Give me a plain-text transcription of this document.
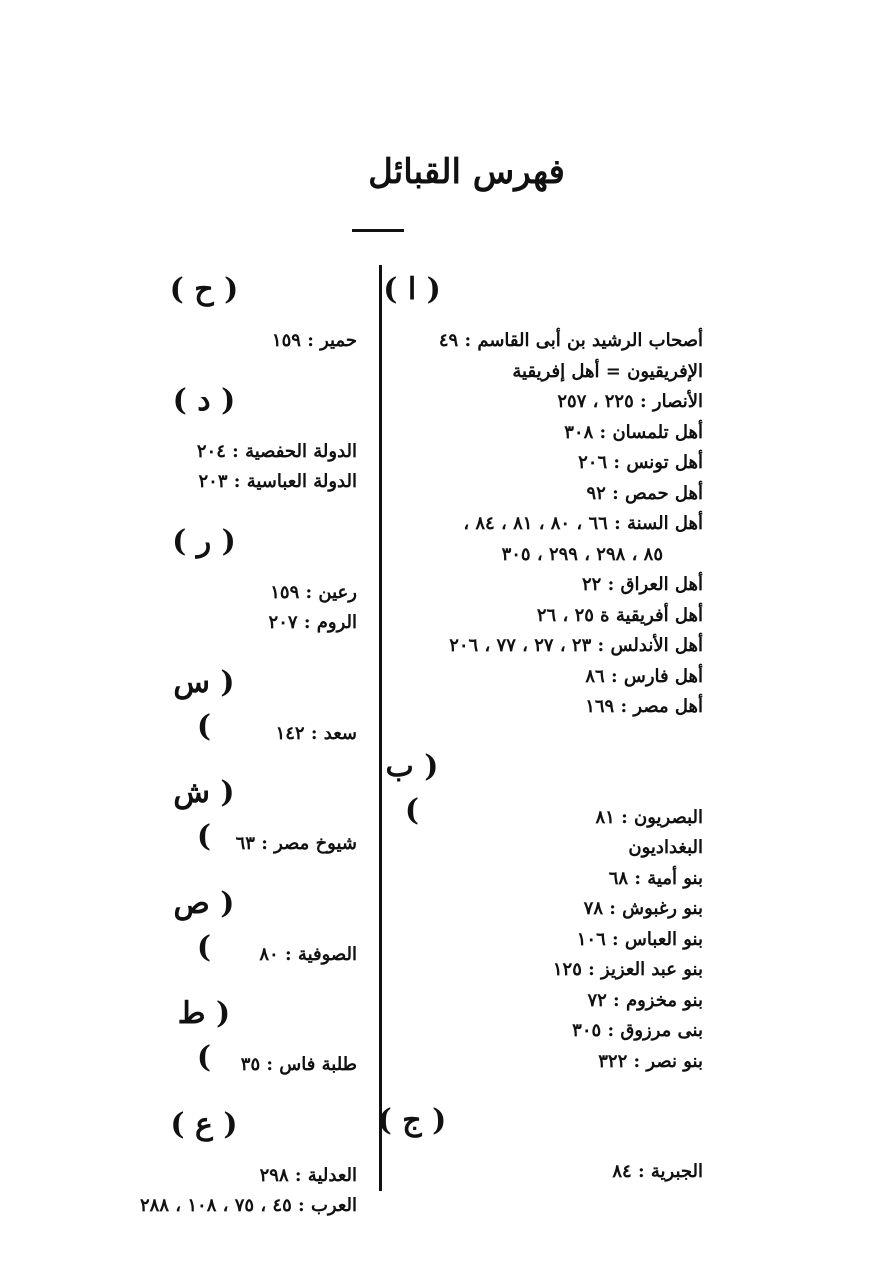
فهرس القبائل
( ا )
أصحاب الرشيد بن أبى القاسم : ٤٩
الإفريقيون = أهل إفريقية
الأنصار : ٢٢٥ ، ٢٥٧
أهل تلمسان : ٣٠٨
أهل تونس : ٢٠٦
أهل حمص : ٩٢
أهل السنة : ٦٦ ، ٨٠ ، ٨١ ، ٨٤ ،
٨٥ ، ٢٩٨ ، ٢٩٩ ، ٣٠٥
أهل العراق : ٢٢
أهل أفريقية ة ٢٥ ، ٢٦
أهل الأندلس : ٢٣ ، ٢٧ ، ٧٧ ، ٢٠٦
أهل فارس : ٨٦
أهل مصر : ١٦٩
( ب )	البصريون : ٨١
البغداديون
بنو أمية : ٦٨
بنو رغبوش : ٧٨
بنو العباس : ١٠٦
بنو عبد العزيز : ١٢٥
بنو مخزوم : ٧٢
بنى مرزوق : ٣٠٥
بنو نصر : ٣٢٢
( ج )
الجبرية : ٨٤
( ح )
حمير : ١٥٩
( د )
الدولة الحفصية : ٢٠٤
الدولة العباسية : ٢٠٣
( ر )
رعين : ١٥٩
الروم : ٢٠٧
( س )	سعد : ١٤٢
( ش )	شيوخ مصر : ٦٣
( ص )	الصوفية : ٨٠
( ط )	طلبة فاس : ٣٥
( ع )
العدلية : ٢٩٨
العرب : ٤٥ ، ٧٥ ، ١٠٨ ، ٢٨٨
